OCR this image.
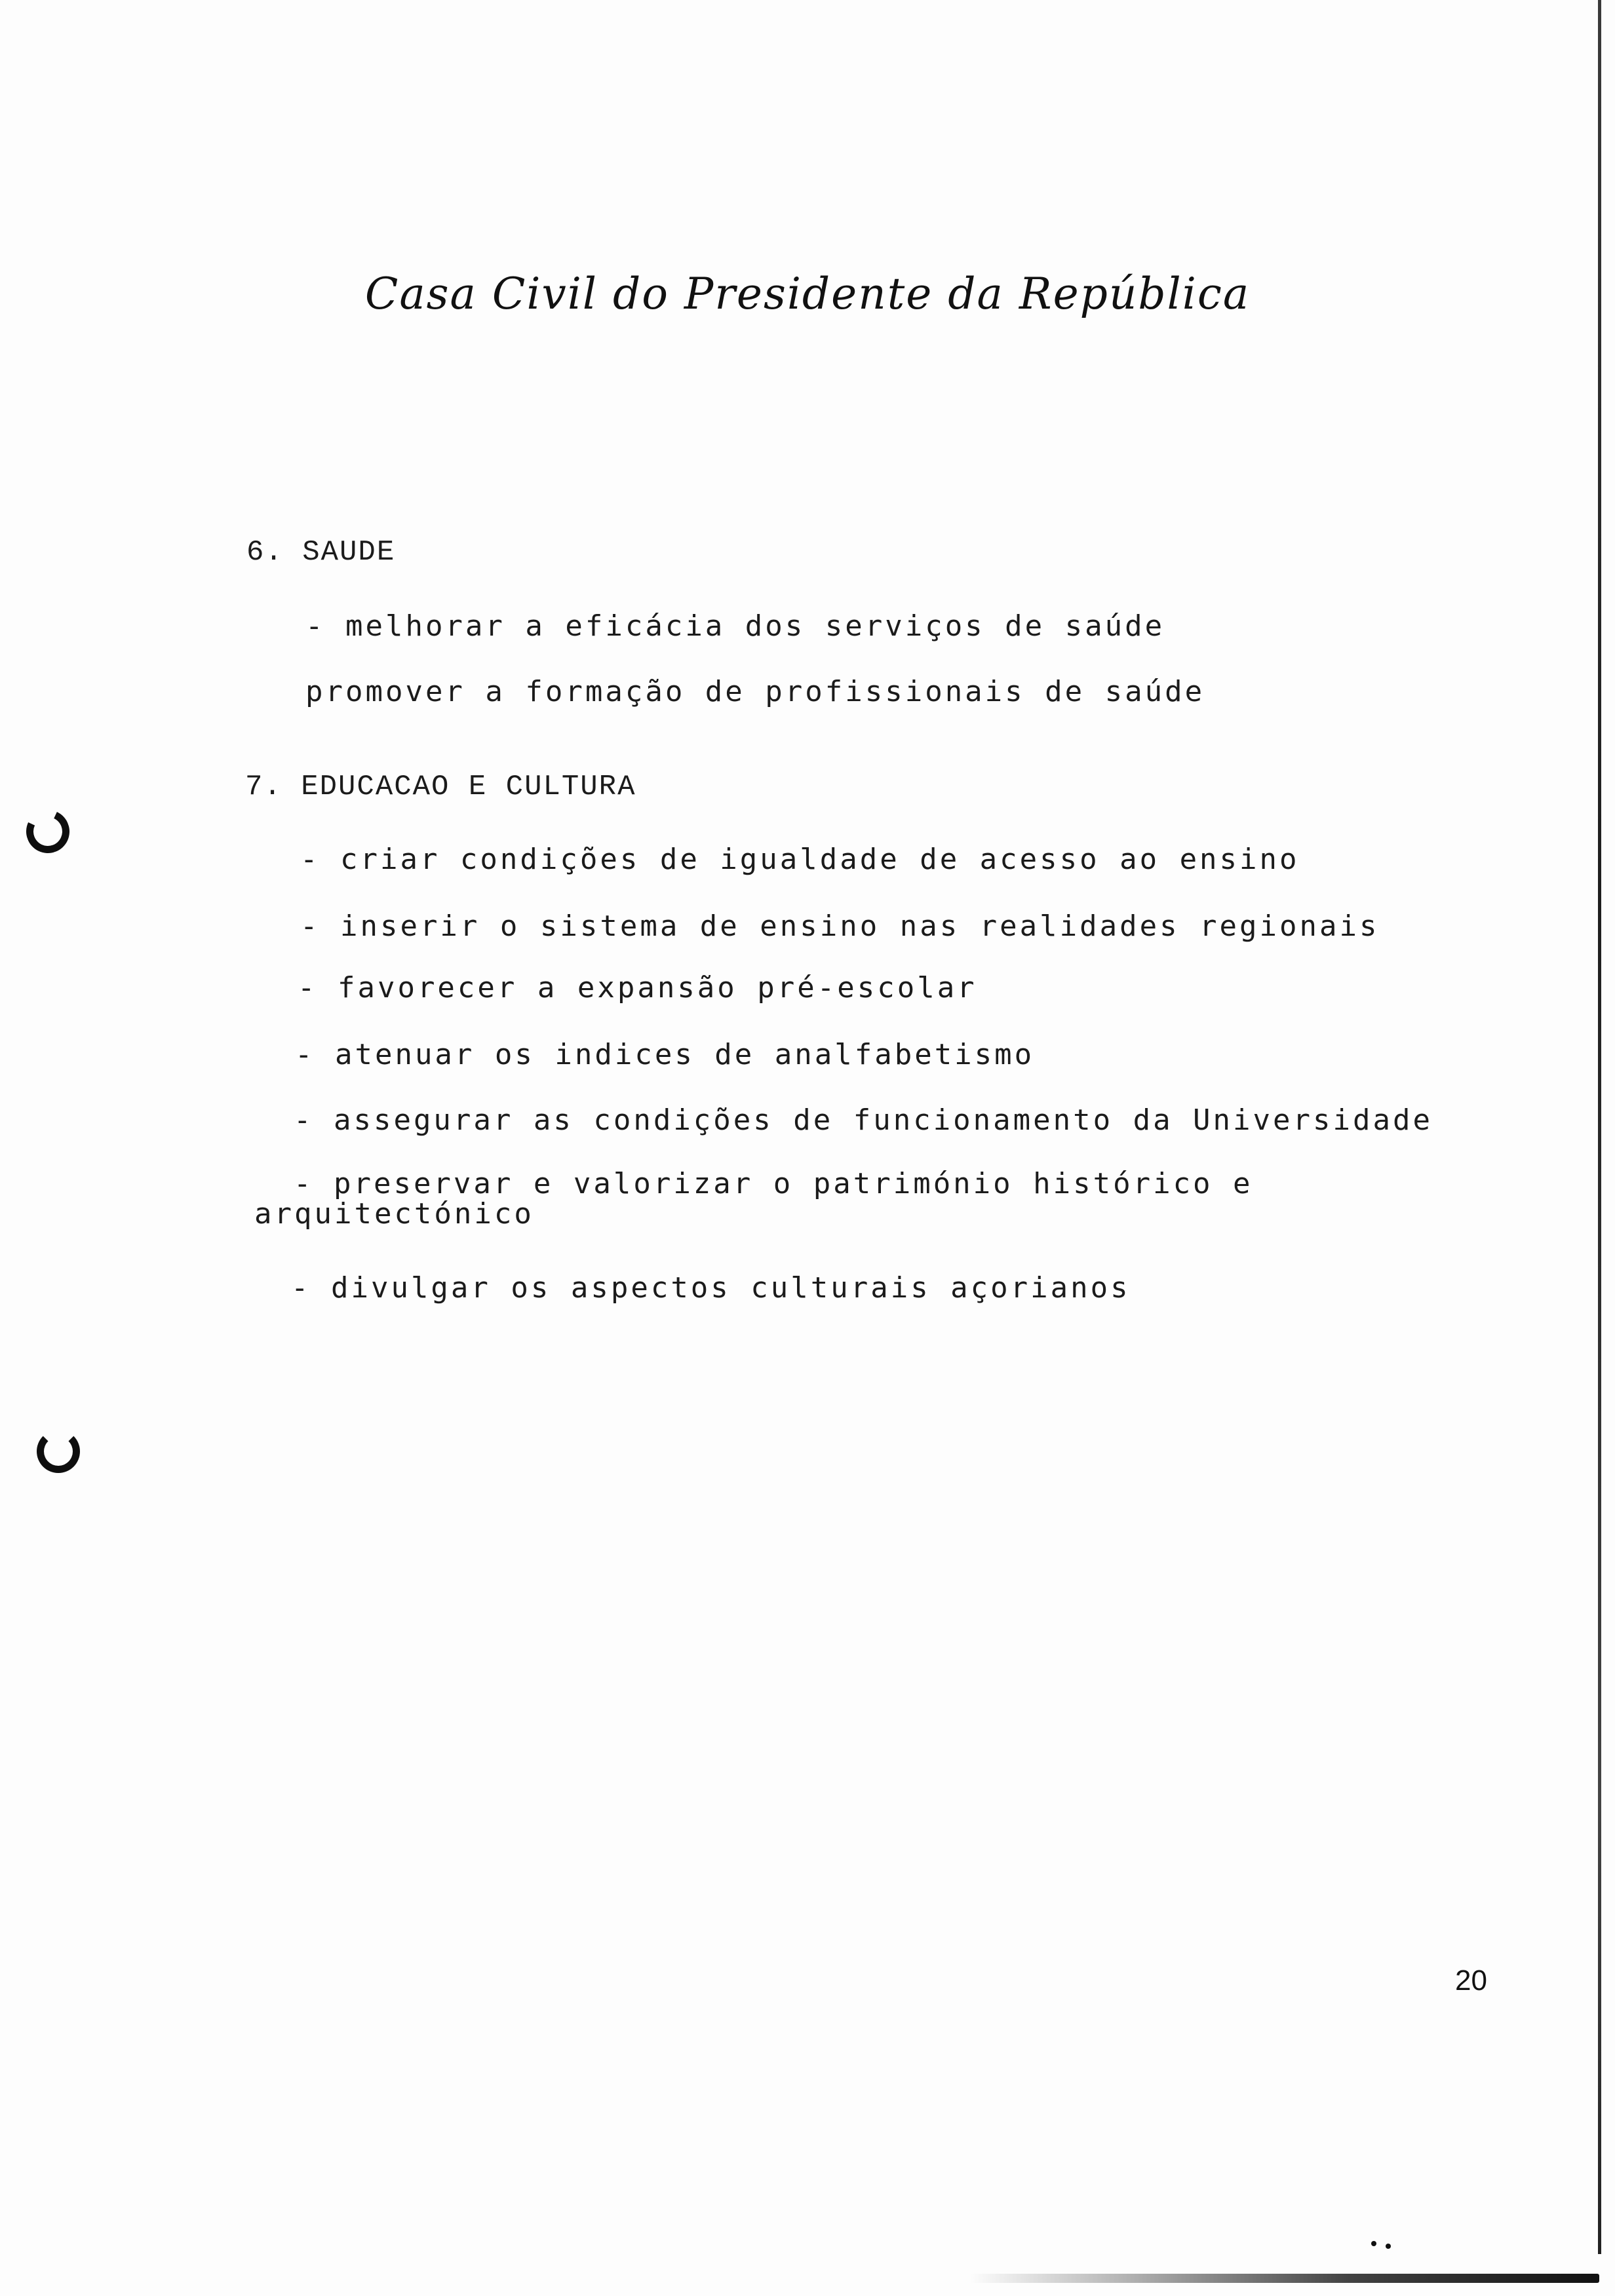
Casa Civil do Presidente da República
6. SAUDE
- melhorar a eficácia dos serviços de saúde
promover a formação de profissionais de saúde
7. EDUCACAO E CULTURA
- criar condições de igualdade de acesso ao ensino
- inserir o sistema de ensino nas realidades regionais
- favorecer a expansão pré-escolar
- atenuar os indices de analfabetismo
- assegurar as condições de funcionamento da Universidade
- preservar e valorizar o património histórico e arquitectónico
- divulgar os aspectos culturais açorianos
20
